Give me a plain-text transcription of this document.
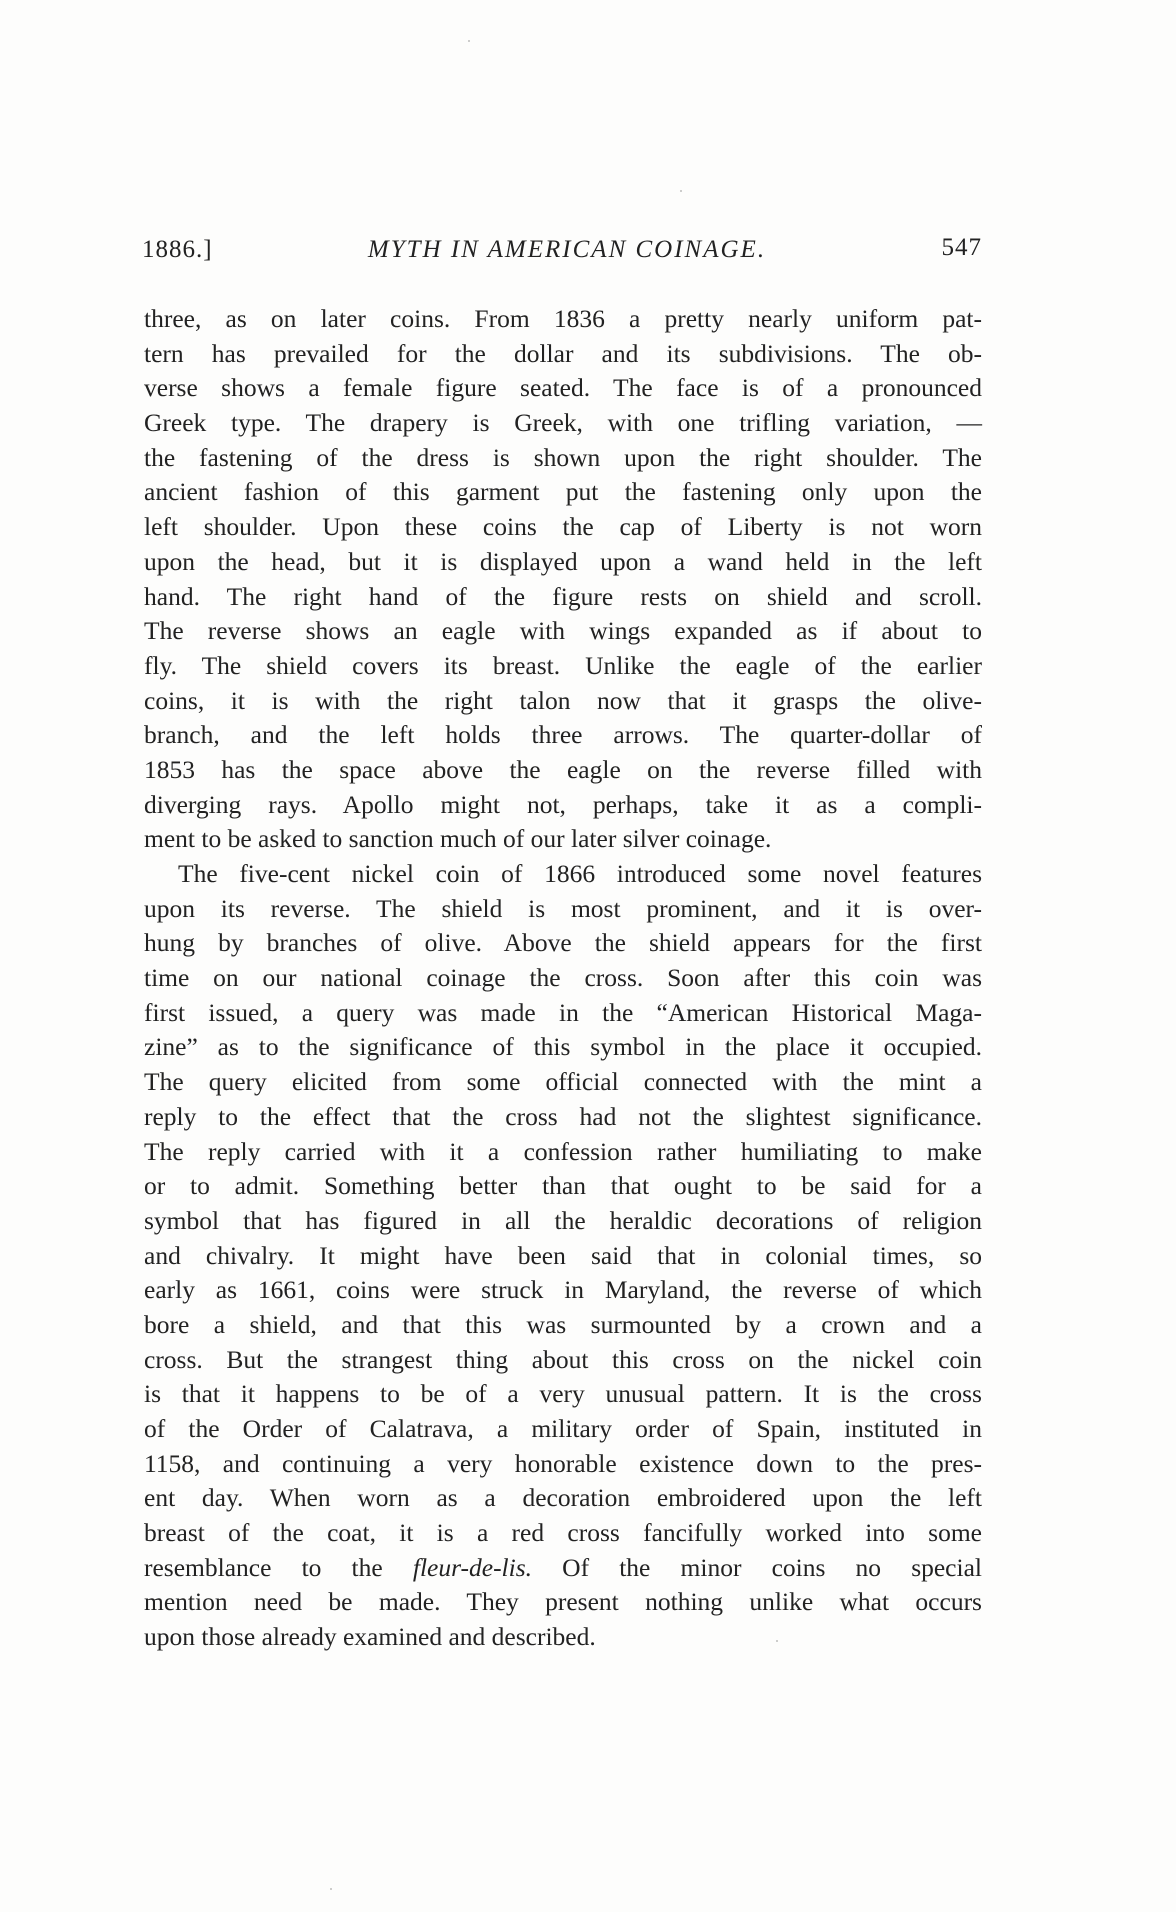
1886.]	MYTH IN AMERICAN COINAGE.	547
three, as on later coins. From 1836 a pretty nearly uniform pat-
tern has prevailed for the dollar and its subdivisions. The ob-
verse shows a female figure seated. The face is of a pronounced
Greek type. The drapery is Greek, with one trifling variation, —
the fastening of the dress is shown upon the right shoulder. The
ancient fashion of this garment put the fastening only upon the
left shoulder. Upon these coins the cap of Liberty is not worn
upon the head, but it is displayed upon a wand held in the left
hand. The right hand of the figure rests on shield and scroll.
The reverse shows an eagle with wings expanded as if about to
fly. The shield covers its breast. Unlike the eagle of the earlier
coins, it is with the right talon now that it grasps the olive-
branch, and the left holds three arrows. The quarter-dollar of
1853 has the space above the eagle on the reverse filled with
diverging rays. Apollo might not, perhaps, take it as a compli-
ment to be asked to sanction much of our later silver coinage.
The five-cent nickel coin of 1866 introduced some novel features
upon its reverse. The shield is most prominent, and it is over-
hung by branches of olive. Above the shield appears for the first
time on our national coinage the cross. Soon after this coin was
first issued, a query was made in the “American Historical Maga-
zine” as to the significance of this symbol in the place it occupied.
The query elicited from some official connected with the mint a
reply to the effect that the cross had not the slightest significance.
The reply carried with it a confession rather humiliating to make
or to admit. Something better than that ought to be said for a
symbol that has figured in all the heraldic decorations of religion
and chivalry. It might have been said that in colonial times, so
early as 1661, coins were struck in Maryland, the reverse of which
bore a shield, and that this was surmounted by a crown and a
cross. But the strangest thing about this cross on the nickel coin
is that it happens to be of a very unusual pattern. It is the cross
of the Order of Calatrava, a military order of Spain, instituted in
1158, and continuing a very honorable existence down to the pres-
ent day. When worn as a decoration embroidered upon the left
breast of the coat, it is a red cross fancifully worked into some
resemblance to the fleur-de-lis. Of the minor coins no special
mention need be made. They present nothing unlike what occurs
upon those already examined and described.
